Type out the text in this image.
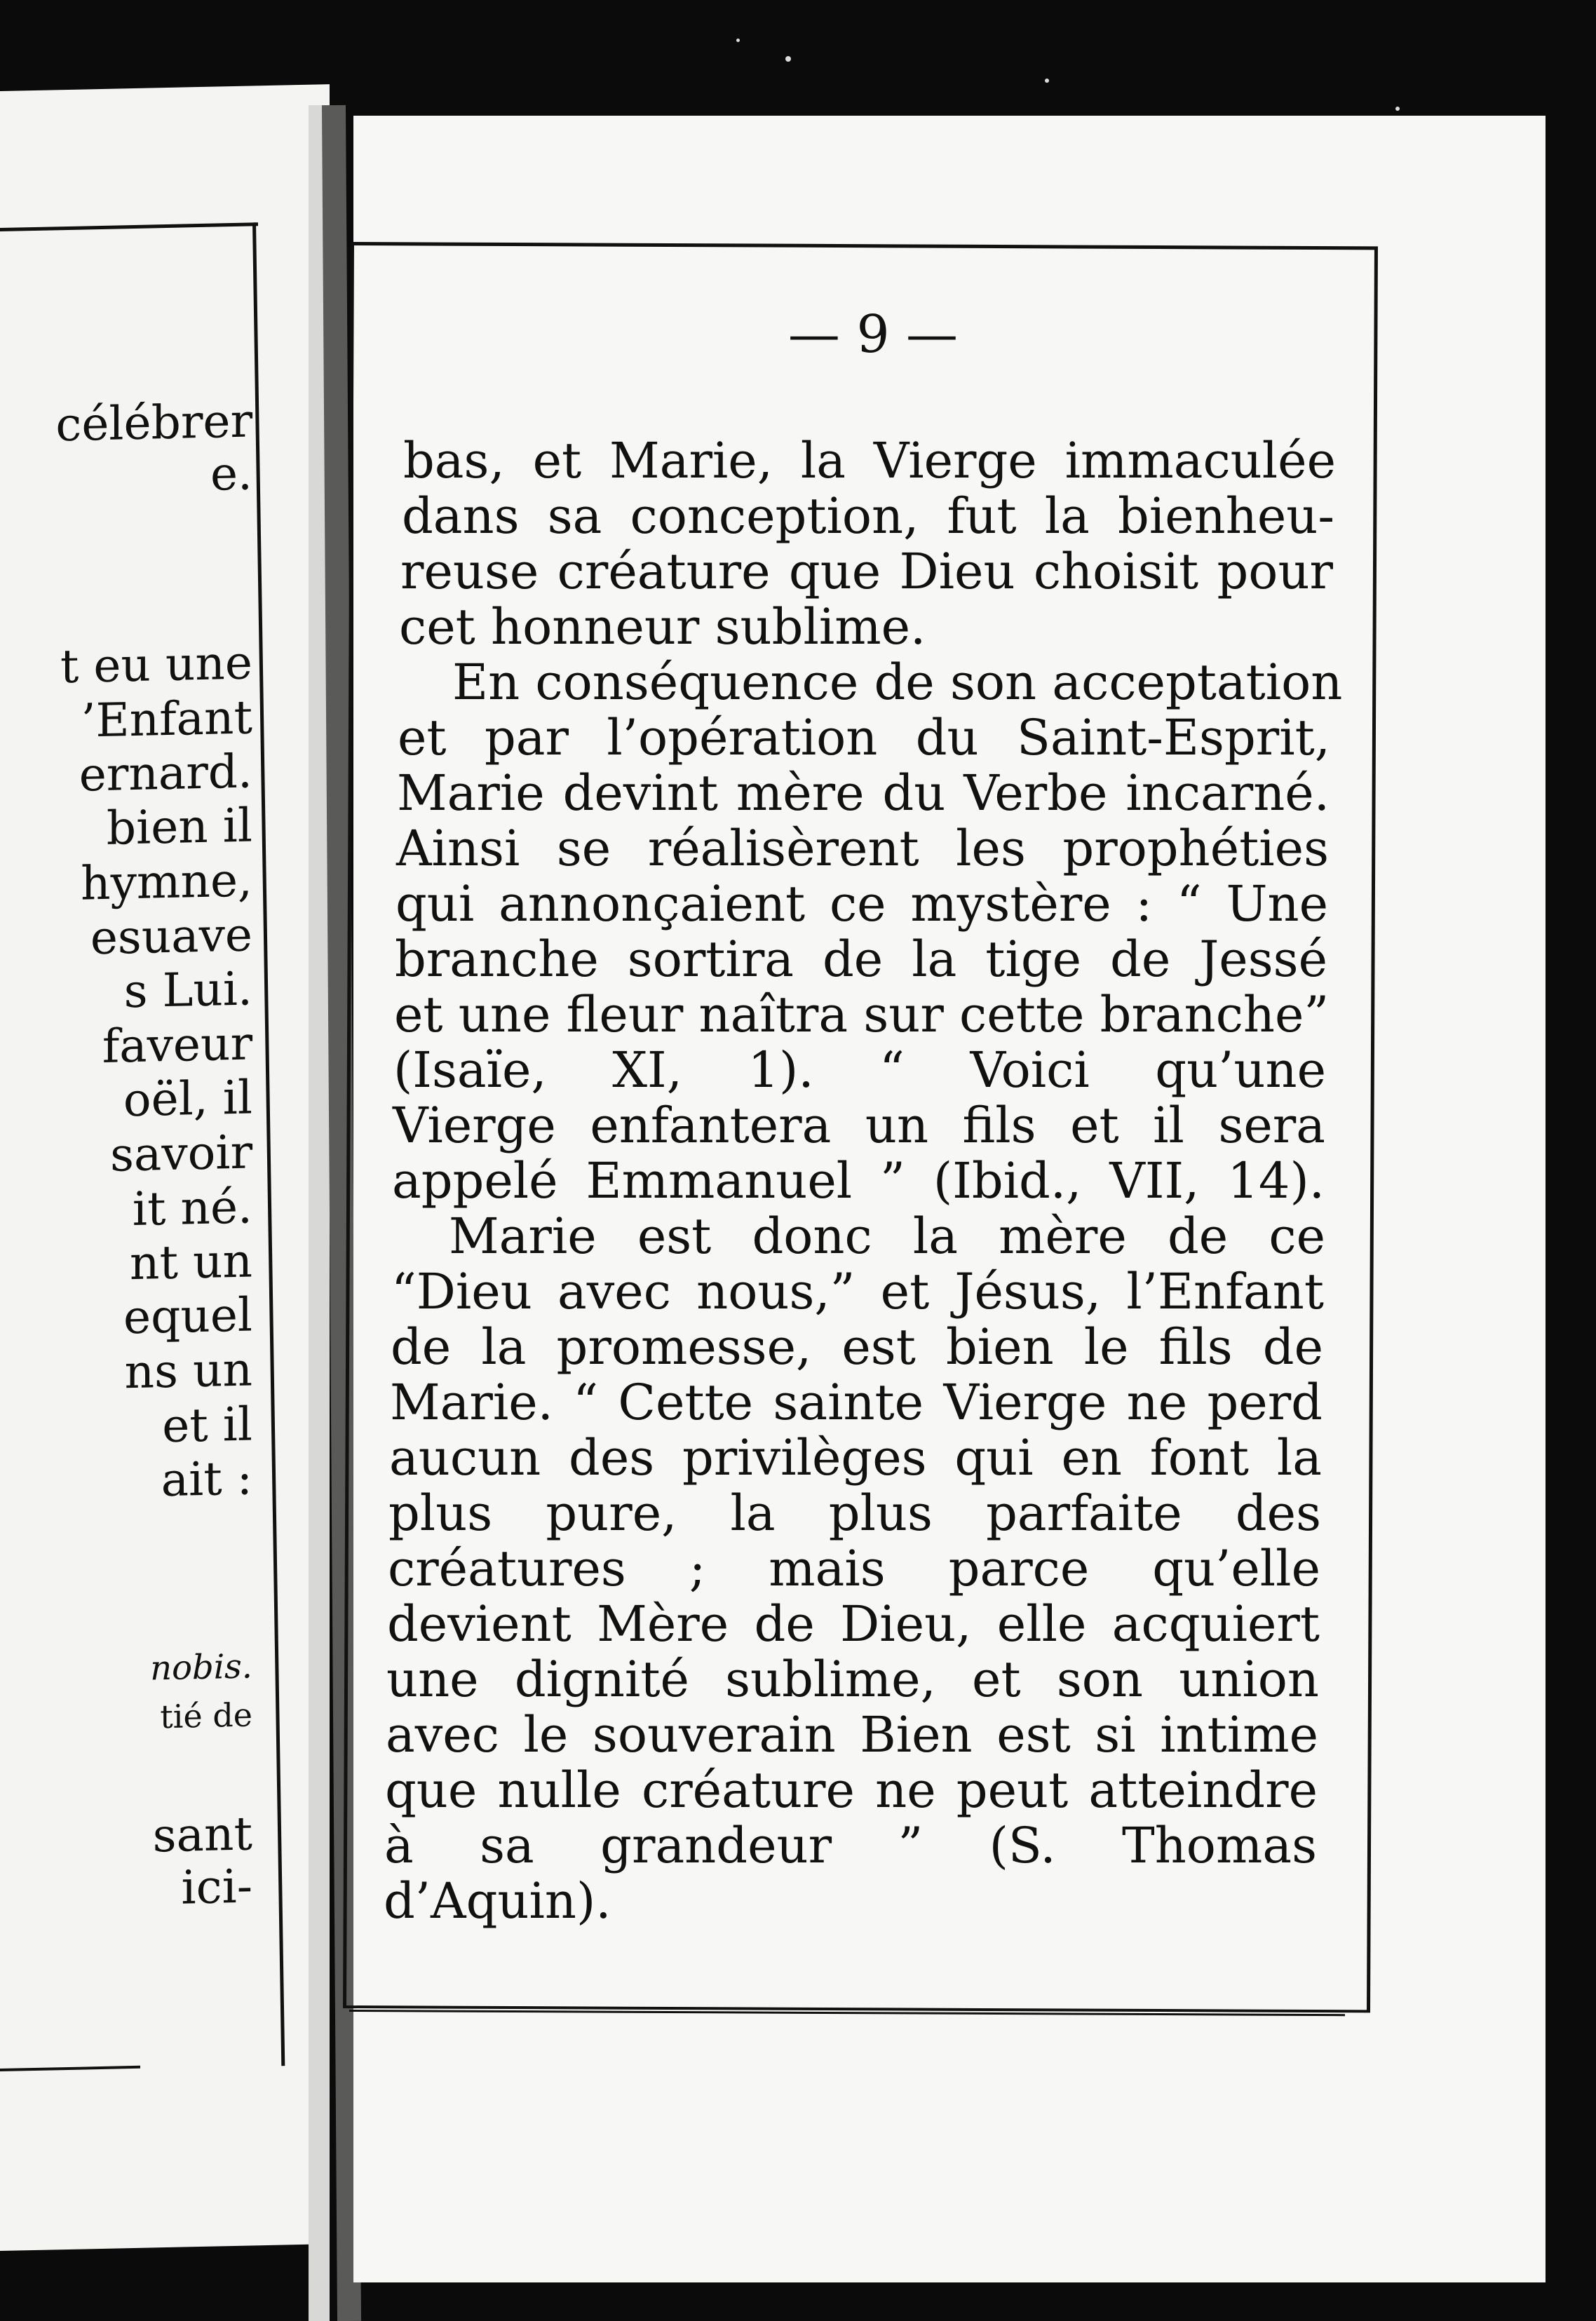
célébrer
e.
t eu une
’Enfant
ernard.
bien il
hymne,
esuave
s Lui.
faveur
oël, il
savoir
it né.
nt un
equel
ns un
et il
ait :
nobis.
tié de
sant
ici-
— 9 —
bas, et Marie, la Vierge immaculée
dans sa conception, fut la bienheu-
reuse créature que Dieu choisit pour
cet honneur sublime.
En conséquence de son acceptation
et par l’opération du Saint-Esprit,
Marie devint mère du Verbe incarné.
Ainsi se réalisèrent les prophéties
qui annonçaient ce mystère : “ Une
branche sortira de la tige de Jessé
et une fleur naîtra sur cette branche”
(Isaïe, XI, 1). “ Voici qu’une
Vierge enfantera un fils et il sera
appelé Emmanuel ” (Ibid., VII, 14).
Marie est donc la mère de ce
“Dieu avec nous,” et Jésus, l’Enfant
de la promesse, est bien le fils de
Marie. “ Cette sainte Vierge ne perd
aucun des privilèges qui en font la
plus pure, la plus parfaite des
créatures ; mais parce qu’elle
devient Mère de Dieu, elle acquiert
une dignité sublime, et son union
avec le souverain Bien est si intime
que nulle créature ne peut atteindre
à sa grandeur ” (S. Thomas
d’Aquin).
